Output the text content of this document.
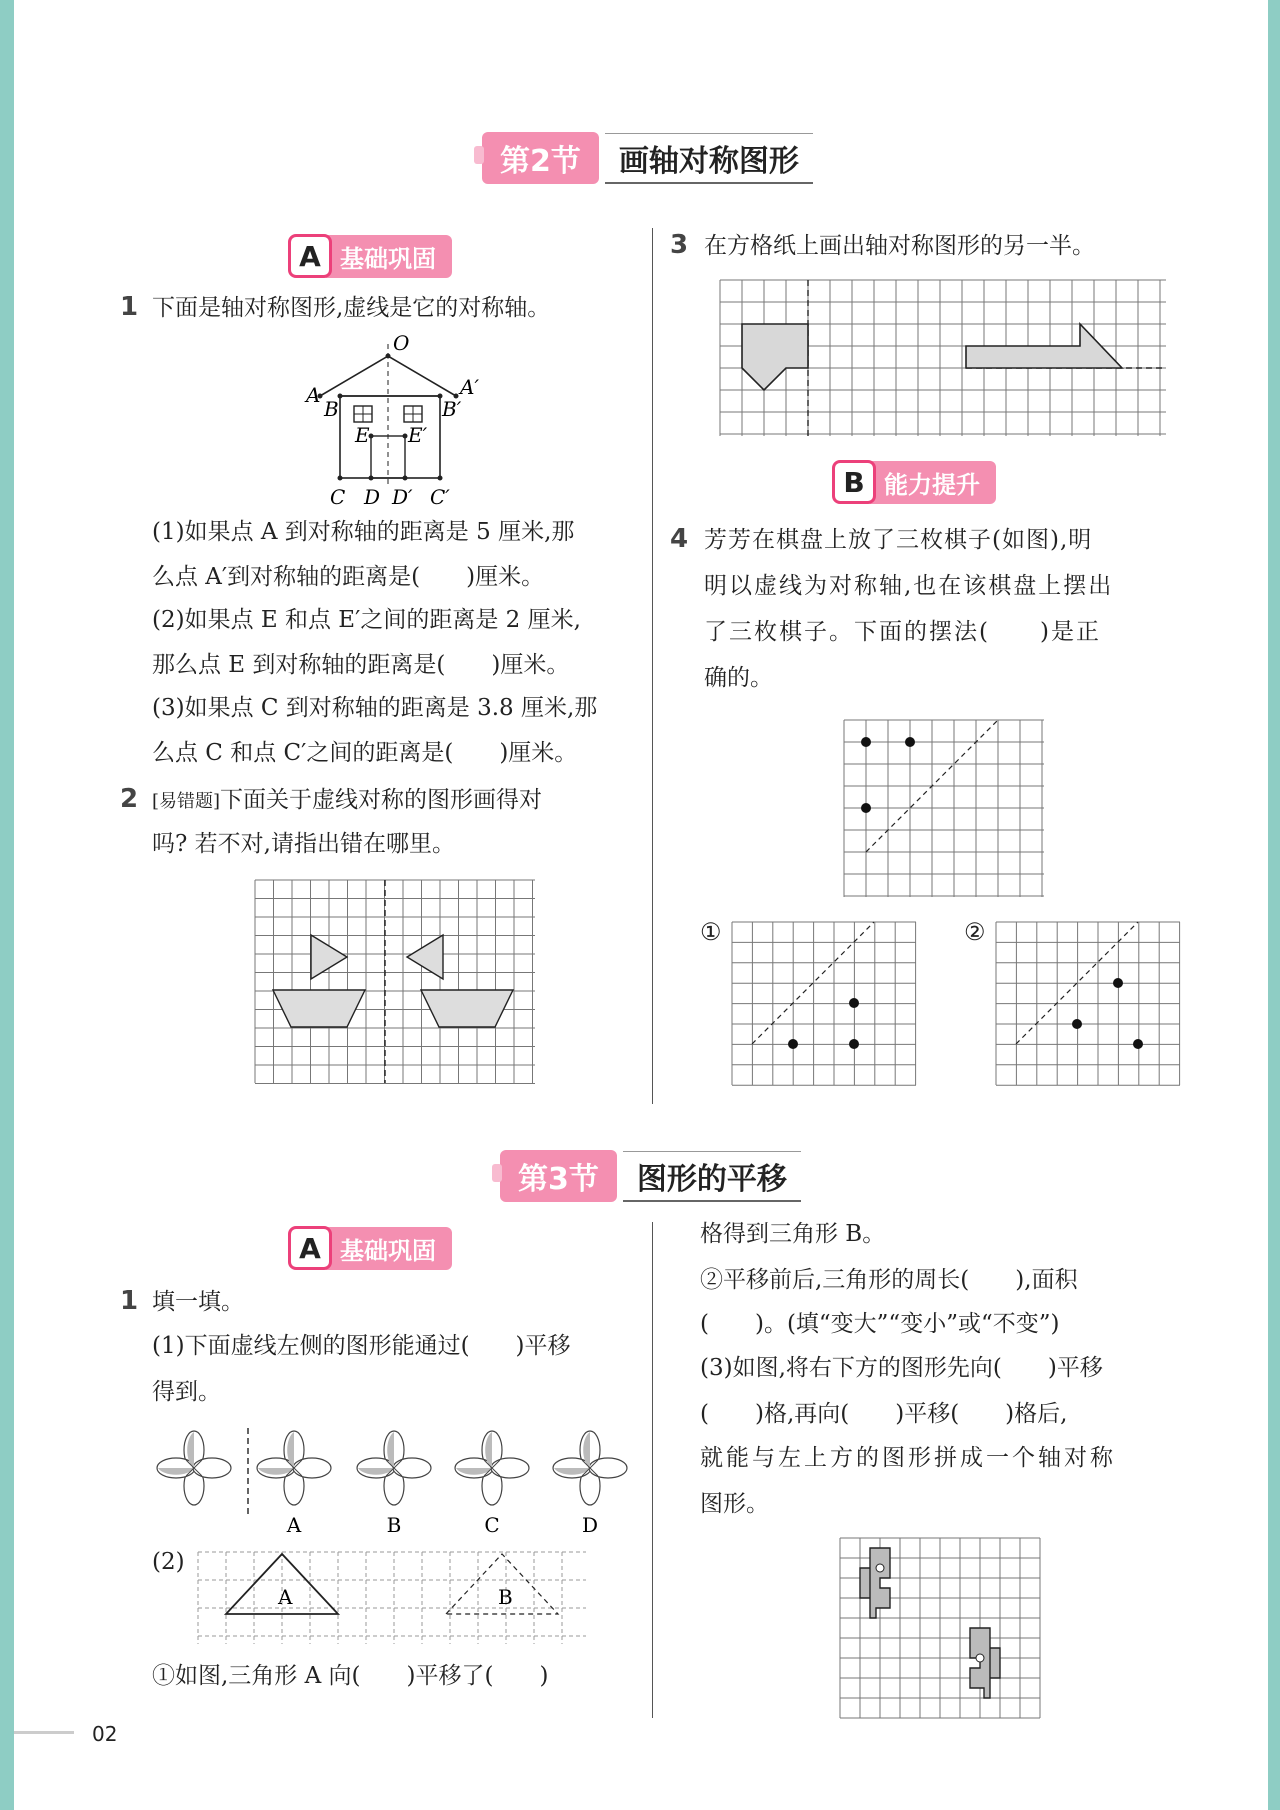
第2节	画轴对称图形
A 基础巩固
1 下面是轴对称图形,虚线是它的对称轴。
O
A	A′
B	B′
E E′
C D D′ C′
(1)如果点 A 到对称轴的距离是 5 厘米,那
么点 A′到对称轴的距离是(　　)厘米。
(2)如果点 E 和点 E′之间的距离是 2 厘米,
那么点 E 到对称轴的距离是(　　)厘米。
(3)如果点 C 到对称轴的距离是 3.8 厘米,那
么点 C 和点 C′之间的距离是(　　)厘米。
2 [易错题]下面关于虚线对称的图形画得对
吗? 若不对,请指出错在哪里。
3 在方格纸上画出轴对称图形的另一半。
B 能力提升
4 芳芳在棋盘上放了三枚棋子(如图),明
明以虚线为对称轴,也在该棋盘上摆出
了三枚棋子。下面的摆法(　　)是正
确的。
①	②
第3节	图形的平移
A 基础巩固
1 填一填。
(1)下面虚线左侧的图形能通过(　　)平移
得到。
A	B	C	D
(2)
A	B
①如图,三角形 A 向(　　)平移了(　　)
格得到三角形 B。
②平移前后,三角形的周长(　　),面积
(　　)。(填“变大”“变小”或“不变”)
(3)如图,将右下方的图形先向(　　)平移
(　　)格,再向(　　)平移(　　)格后,
就能与左上方的图形拼成一个轴对称
图形。
02
